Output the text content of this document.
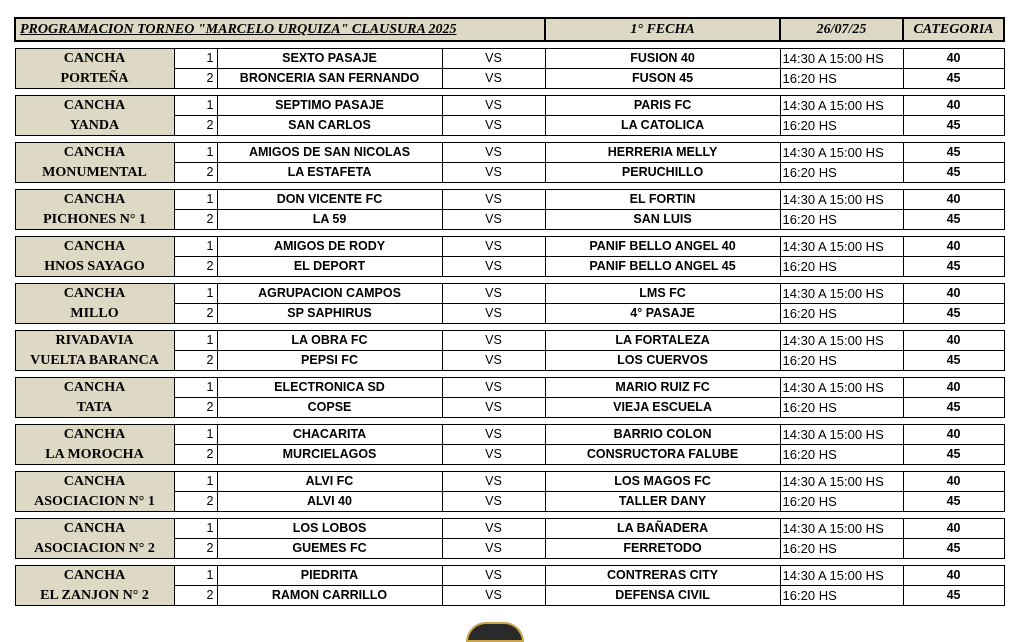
PROGRAMACION TORNEO "MARCELO URQUIZA" CLAUSURA 2025				1° FECHA	26/07/25	CATEGORIA

CANCHA	1	SEXTO PASAJE	VS	FUSION 40	14:30 A 15:00 HS	40
PORTEÑA	2	BRONCERIA SAN FERNANDO	VS	FUSON 45	16:20 HS	45

CANCHA	1	SEPTIMO PASAJE	VS	PARIS FC	14:30 A 15:00 HS	40
YANDA	2	SAN CARLOS	VS	LA CATOLICA	16:20 HS	45

CANCHA	1	AMIGOS DE SAN NICOLAS	VS	HERRERIA MELLY	14:30 A 15:00 HS	45
MONUMENTAL	2	LA ESTAFETA	VS	PERUCHILLO	16:20 HS	45

CANCHA	1	DON VICENTE FC	VS	EL FORTIN	14:30 A 15:00 HS	40
PICHONES N° 1	2	LA 59	VS	SAN LUIS	16:20 HS	45

CANCHA	1	AMIGOS DE RODY	VS	PANIF BELLO ANGEL 40	14:30 A 15:00 HS	40
HNOS SAYAGO	2	EL DEPORT	VS	PANIF BELLO ANGEL 45	16:20 HS	45

CANCHA	1	AGRUPACION CAMPOS	VS	LMS FC	14:30 A 15:00 HS	40
MILLO	2	SP SAPHIRUS	VS	4° PASAJE	16:20 HS	45

RIVADAVIA	1	LA OBRA FC	VS	LA FORTALEZA	14:30 A 15:00 HS	40
VUELTA BARANCA	2	PEPSI FC	VS	LOS CUERVOS	16:20 HS	45

CANCHA	1	ELECTRONICA SD	VS	MARIO RUIZ FC	14:30 A 15:00 HS	40
TATA	2	COPSE	VS	VIEJA ESCUELA	16:20 HS	45

CANCHA	1	CHACARITA	VS	BARRIO COLON	14:30 A 15:00 HS	40
LA MOROCHA	2	MURCIELAGOS	VS	CONSRUCTORA FALUBE	16:20 HS	45

CANCHA	1	ALVI FC	VS	LOS MAGOS FC	14:30 A 15:00 HS	40
ASOCIACION N° 1	2	ALVI 40	VS	TALLER DANY	16:20 HS	45

CANCHA	1	LOS LOBOS	VS	LA BAÑADERA	14:30 A 15:00 HS	40
ASOCIACION N° 2	2	GUEMES FC	VS	FERRETODO	16:20 HS	45

CANCHA	1	PIEDRITA	VS	CONTRERAS CITY	14:30 A 15:00 HS	40
EL ZANJON N° 2	2	RAMON CARRILLO	VS	DEFENSA CIVIL	16:20 HS	45
